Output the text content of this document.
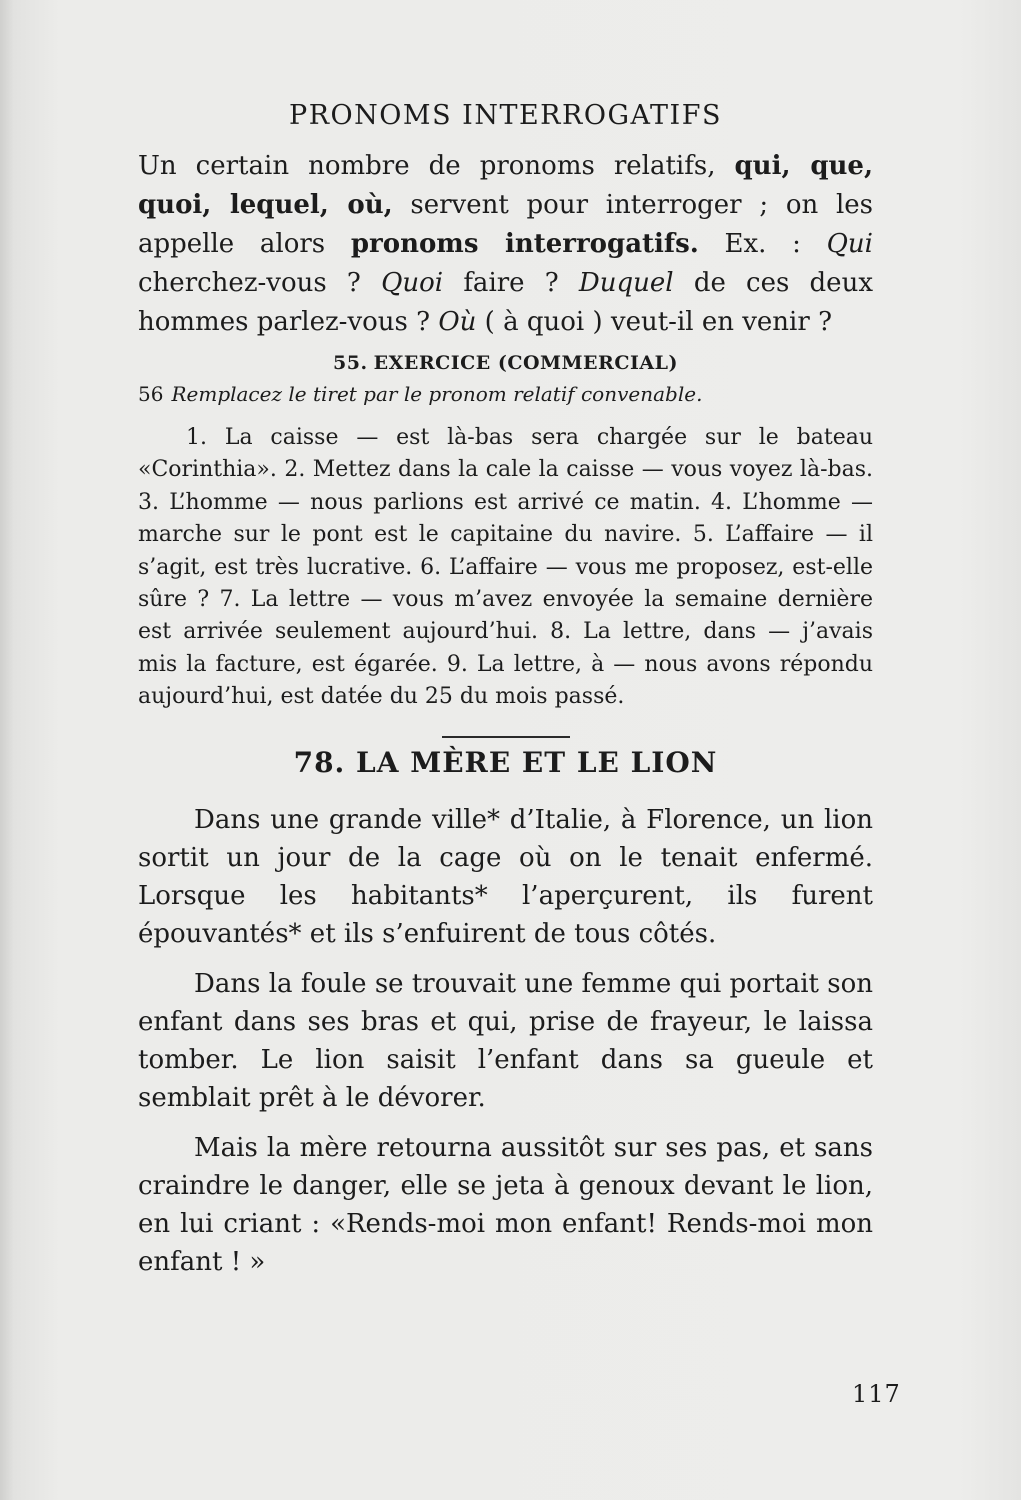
PRONOMS INTERROGATIFS

Un certain nombre de pronoms relatifs, qui, que, quoi, lequel, où, servent pour interroger ; on les appelle alors pronoms interrogatifs. Ex. : Qui cherchez-vous ? Quoi faire ? Duquel de ces deux hommes parlez-vous ? Où ( à quoi ) veut-il en venir ?

55. EXERCICE (COMMERCIAL)
56 Remplacez le tiret par le pronom relatif convenable.

1. La caisse — est là-bas sera chargée sur le bateau «Corinthia». 2. Mettez dans la cale la caisse — vous voyez là-bas. 3. L’homme — nous parlions est arrivé ce matin. 4. L’homme — marche sur le pont est le capitaine du navire. 5. L’affaire — il s’agit, est très lucrative. 6. L’affaire — vous me proposez, est-elle sûre ? 7. La lettre — vous m’avez envoyée la semaine dernière est arrivée seulement aujourd’hui. 8. La lettre, dans — j’avais mis la facture, est égarée. 9. La lettre, à — nous avons répondu aujourd’hui, est datée du 25 du mois passé.

78. LA MÈRE ET LE LION

Dans une grande ville* d’Italie, à Florence, un lion sortit un jour de la cage où on le tenait enfermé. Lorsque les habitants* l’aperçurent, ils furent épouvantés* et ils s’enfuirent de tous côtés.

Dans la foule se trouvait une femme qui portait son enfant dans ses bras et qui, prise de frayeur, le laissa tomber. Le lion saisit l’enfant dans sa gueule et semblait prêt à le dévorer.

Mais la mère retourna aussitôt sur ses pas, et sans craindre le danger, elle se jeta à genoux devant le lion, en lui criant : «Rends-moi mon enfant! Rends-moi mon enfant ! »

117
